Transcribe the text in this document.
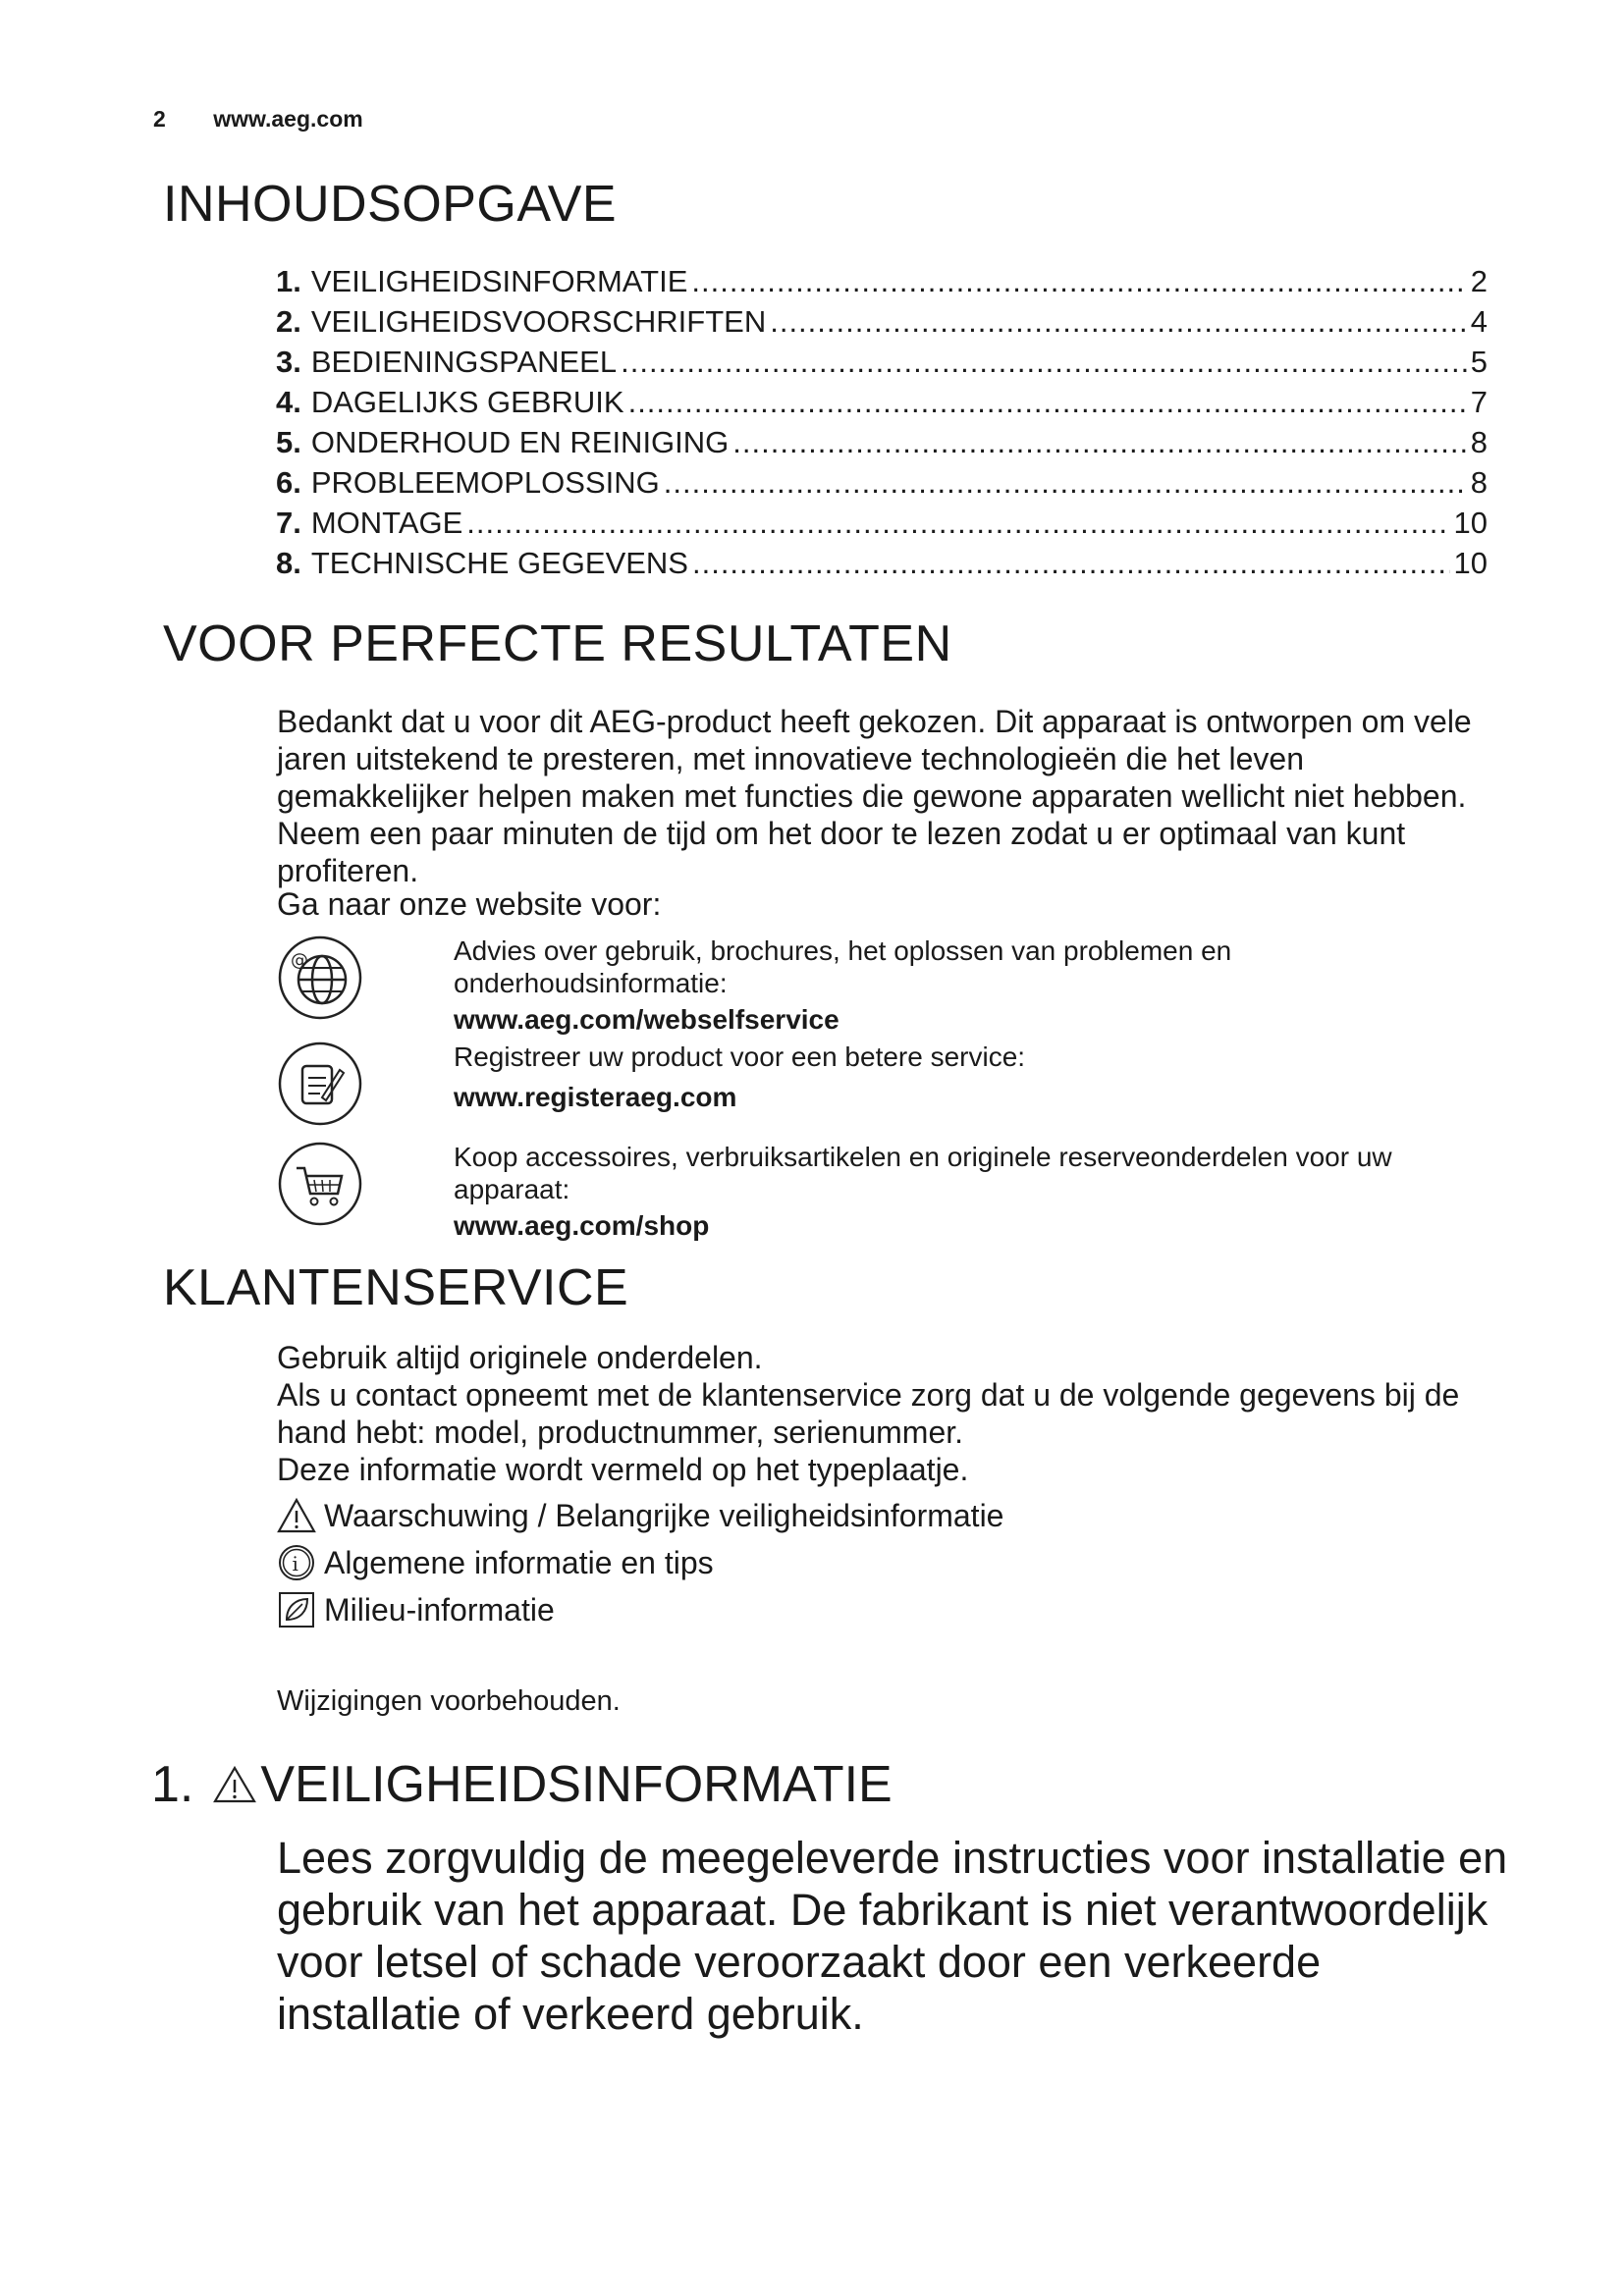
2 www.aeg.com
INHOUDSOPGAVE
1. VEILIGHEIDSINFORMATIE .....	2
2. VEILIGHEIDSVOORSCHRIFTEN .....	4
3. BEDIENINGSPANEEL .....	5
4. DAGELIJKS GEBRUIK .....	7
5. ONDERHOUD EN REINIGING .....	8
6. PROBLEEMOPLOSSING .....	8
7. MONTAGE .....	10
8. TECHNISCHE GEGEVENS .....	10
VOOR PERFECTE RESULTATEN

Bedankt dat u voor dit AEG-product heeft gekozen. Dit apparaat is ontworpen om vele jaren uitstekend te presteren, met innovatieve technologieën die het leven gemakkelijker helpen maken met functies die gewone apparaten wellicht niet hebben. Neem een paar minuten de tijd om het door te lezen zodat u er optimaal van kunt profiteren.

Ga naar onze website voor:

@	Advies over gebruik, brochures, het oplossen van problemen en onderhoudsinformatie:
www.aeg.com/webselfservice
Registreer uw product voor een betere service:
www.registeraeg.com
Koop accessoires, verbruiksartikelen en originele reserveonderdelen voor uw apparaat:
www.aeg.com/shop
KLANTENSERVICE

Gebruik altijd originele onderdelen.

Als u contact opneemt met de klantenservice zorg dat u de volgende gegevens bij de hand hebt: model, productnummer, serienummer.

Deze informatie wordt vermeld op het typeplaatje.

Waarschuwing / Belangrijke veiligheidsinformatie
i Algemene informatie en tips
Milieu-informatie

Wijzigingen voorbehouden.

1. VEILIGHEIDSINFORMATIE

Lees zorgvuldig de meegeleverde instructies voor installatie en gebruik van het apparaat. De fabrikant is niet verantwoordelijk voor letsel of schade veroorzaakt door een verkeerde installatie of verkeerd gebruik.
